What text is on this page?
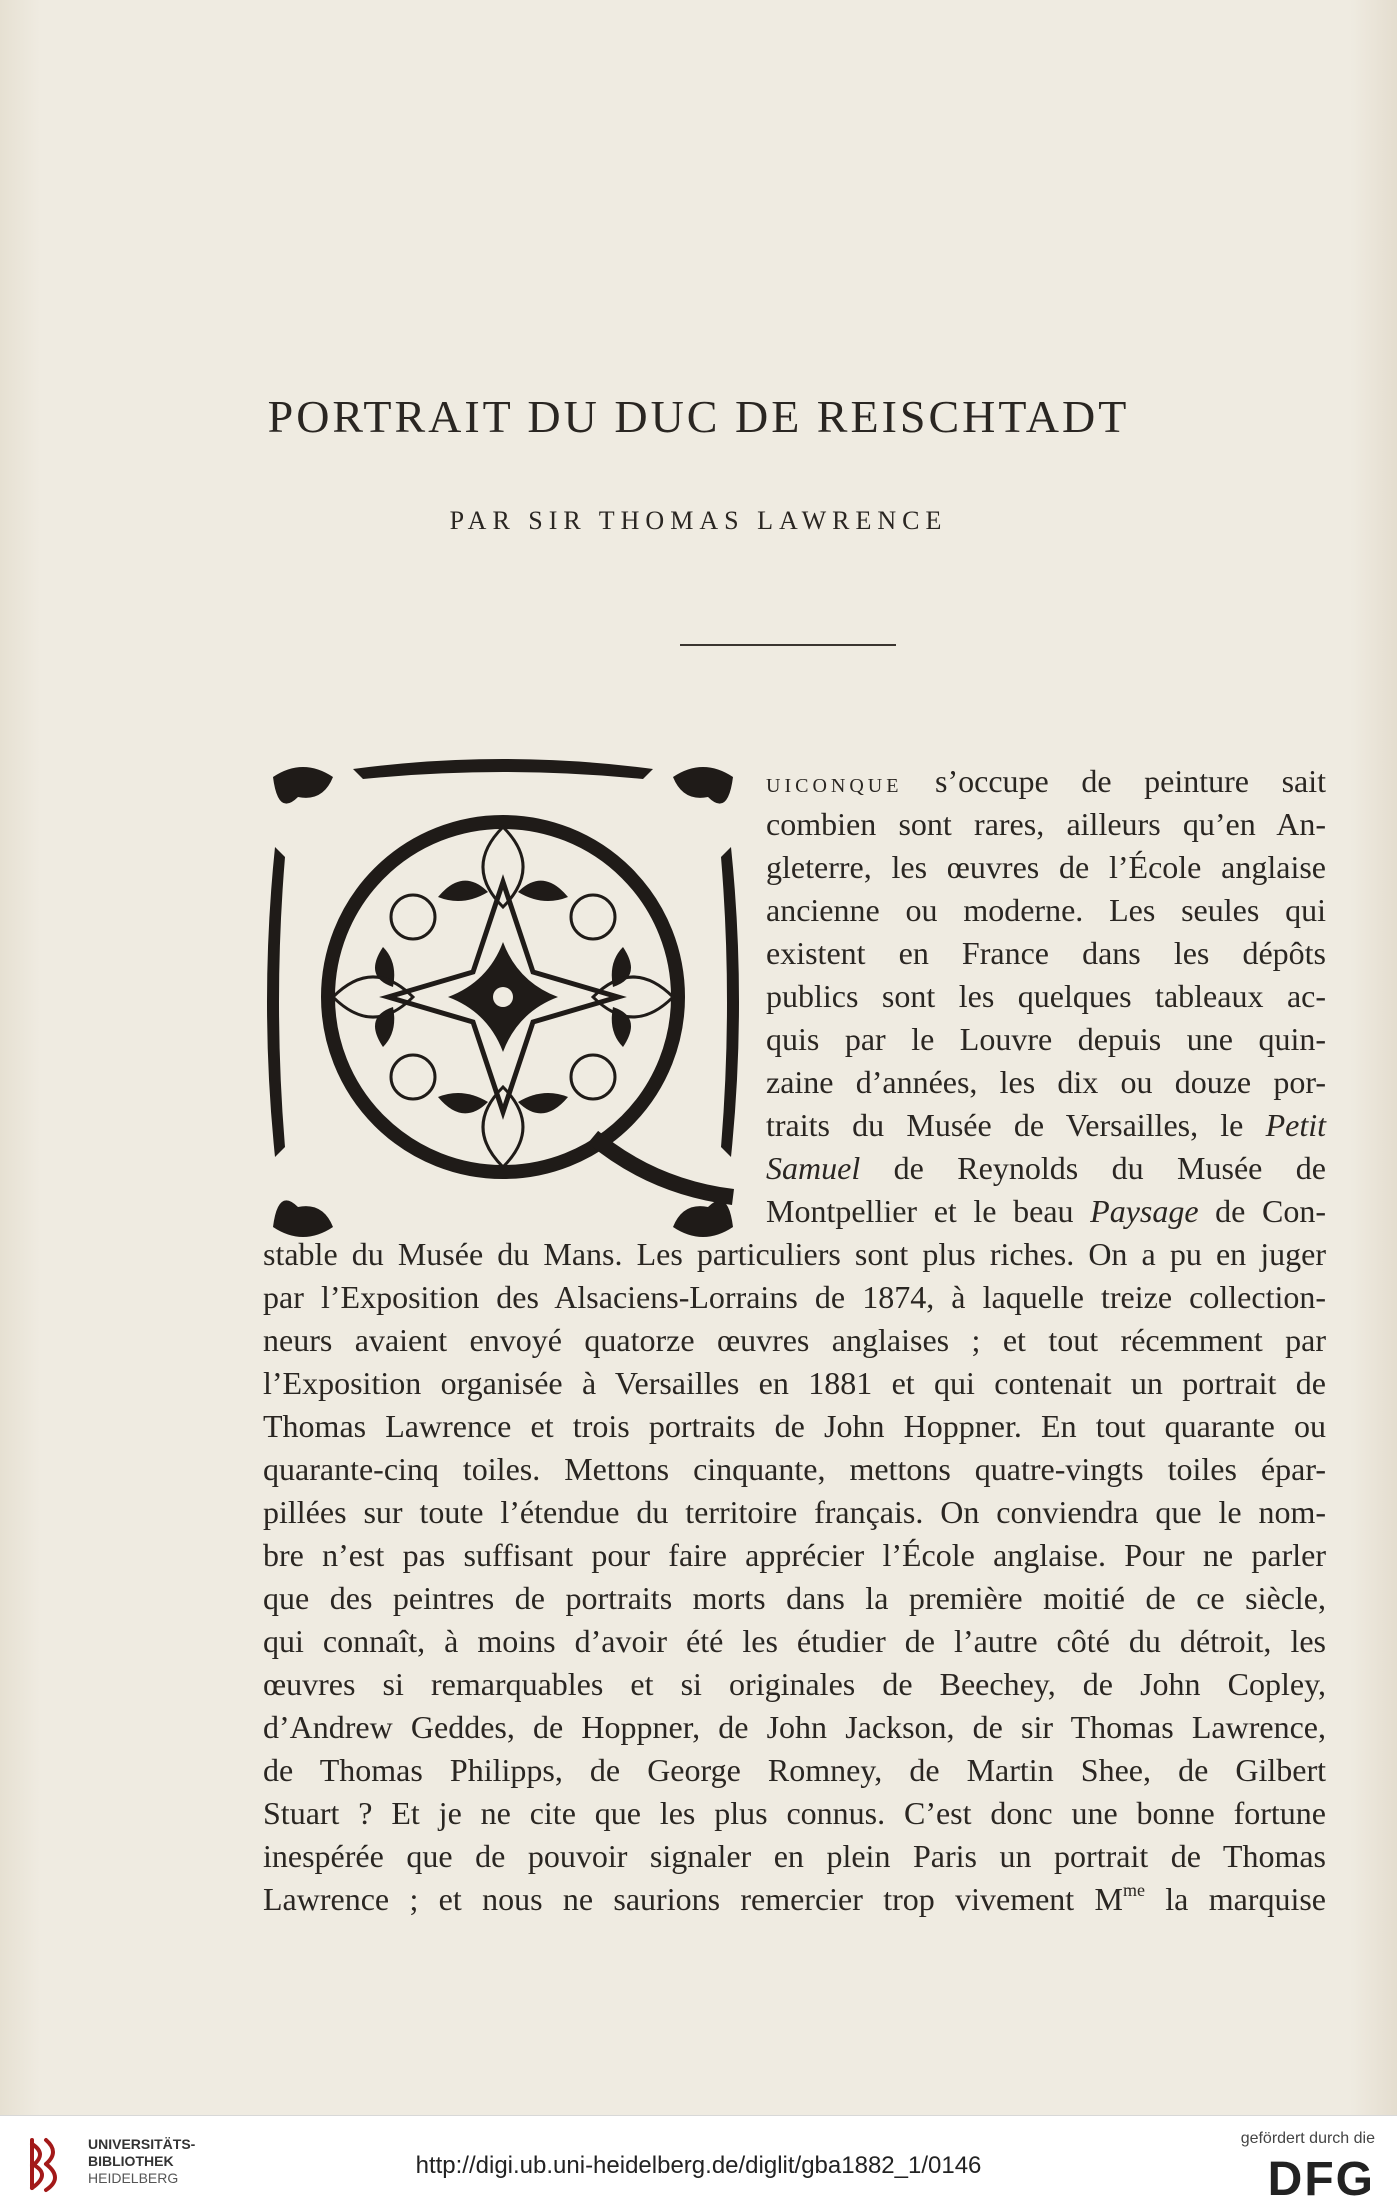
PORTRAIT DU DUC DE REISCHTADT
PAR SIR THOMAS LAWRENCE
uiconque s’occupe de peinture sait
combien sont rares, ailleurs qu’en An-
gleterre, les œuvres de l’École anglaise
ancienne ou moderne. Les seules qui
existent en France dans les dépôts
publics sont les quelques tableaux ac-
quis par le Louvre depuis une quin-
zaine d’années, les dix ou douze por-
traits du Musée de Versailles, le Petit
Samuel de Reynolds du Musée de
Montpellier et le beau Paysage de Con-
stable du Musée du Mans. Les particuliers sont plus riches. On a pu en juger
par l’Exposition des Alsaciens-Lorrains de 1874, à laquelle treize collection-
neurs avaient envoyé quatorze œuvres anglaises ; et tout récemment par
l’Exposition organisée à Versailles en 1881 et qui contenait un portrait de
Thomas Lawrence et trois portraits de John Hoppner. En tout quarante ou
quarante-cinq toiles. Mettons cinquante, mettons quatre-vingts toiles épar-
pillées sur toute l’étendue du territoire français. On conviendra que le nom-
bre n’est pas suffisant pour faire apprécier l’École anglaise. Pour ne parler
que des peintres de portraits morts dans la première moitié de ce siècle,
qui connaît, à moins d’avoir été les étudier de l’autre côté du détroit, les
œuvres si remarquables et si originales de Beechey, de John Copley,
d’Andrew Geddes, de Hoppner, de John Jackson, de sir Thomas Lawrence,
de Thomas Philipps, de George Romney, de Martin Shee, de Gilbert
Stuart ? Et je ne cite que les plus connus. C’est donc une bonne fortune
inespérée que de pouvoir signaler en plein Paris un portrait de Thomas
Lawrence ; et nous ne saurions remercier trop vivement $M^{me}$ la marquise
UNIVERSITÄTS-
BIBLIOTHEK
HEIDELBERG	http://digi.ub.uni-heidelberg.de/diglit/gba1882_1/0146
gefördert durch die
DFG
